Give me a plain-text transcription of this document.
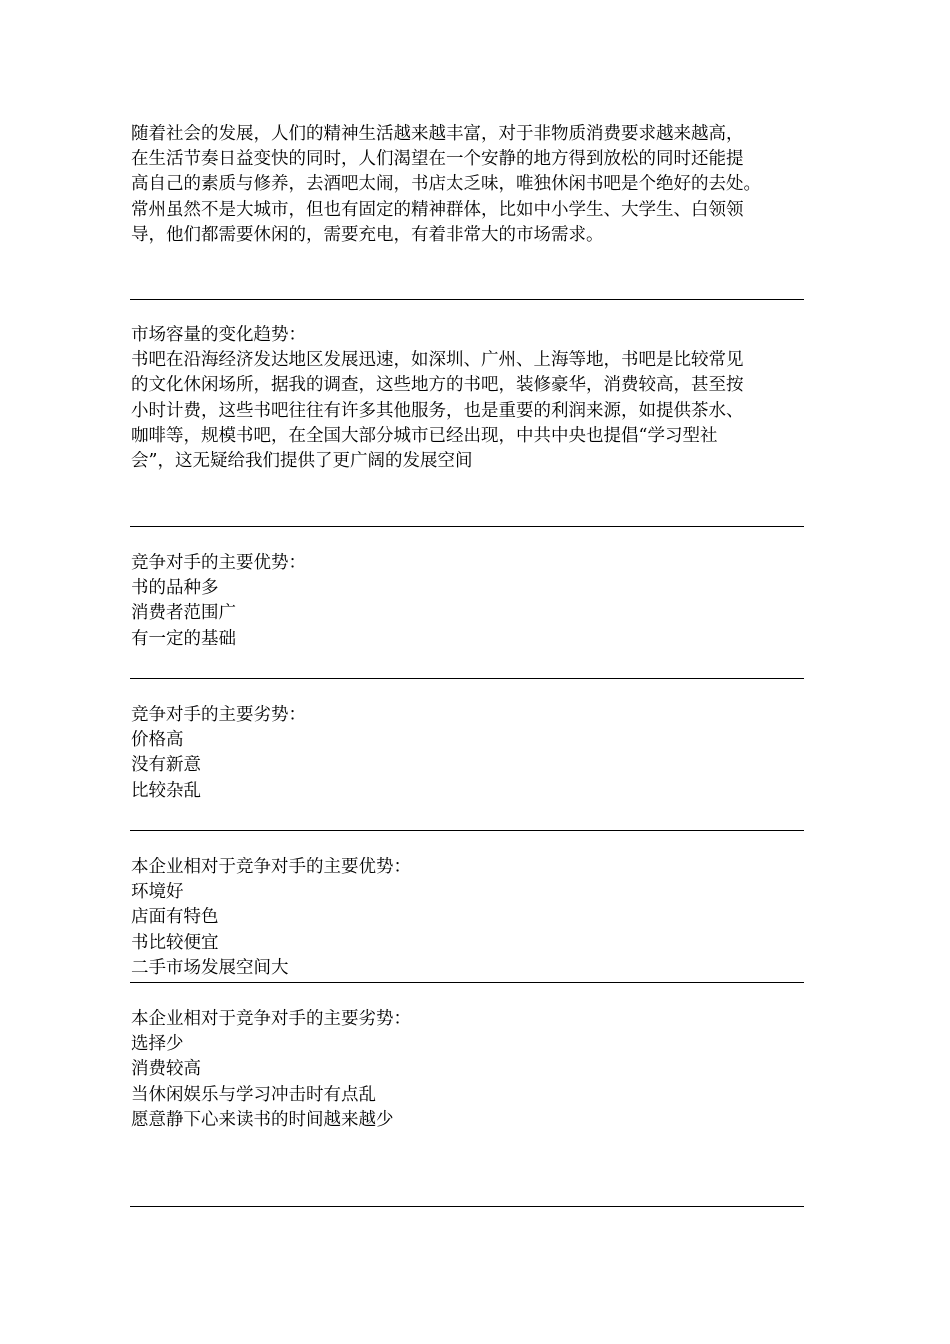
随着社会的发展，人们的精神生活越来越丰富，对于非物质消费要求越来越高，
在生活节奏日益变快的同时，人们渴望在一个安静的地方得到放松的同时还能提
高自己的素质与修养，去酒吧太闹，书店太乏味，唯独休闲书吧是个绝好的去处。
常州虽然不是大城市，但也有固定的精神群体，比如中小学生、大学生、白领领
导，他们都需要休闲的，需要充电，有着非常大的市场需求。
市场容量的变化趋势：
书吧在沿海经济发达地区发展迅速，如深圳、广州、上海等地，书吧是比较常见
的文化休闲场所，据我的调查，这些地方的书吧，装修豪华，消费较高，甚至按
小时计费，这些书吧往往有许多其他服务，也是重要的利润来源，如提供茶水、
咖啡等，规模书吧，在全国大部分城市已经出现，中共中央也提倡“学习型社
会”，这无疑给我们提供了更广阔的发展空间
竞争对手的主要优势：
书的品种多
消费者范围广
有一定的基础
竞争对手的主要劣势：
价格高
没有新意
比较杂乱
本企业相对于竞争对手的主要优势：
环境好
店面有特色
书比较便宜
二手市场发展空间大
本企业相对于竞争对手的主要劣势：
选择少
消费较高
当休闲娱乐与学习冲击时有点乱
愿意静下心来读书的时间越来越少
